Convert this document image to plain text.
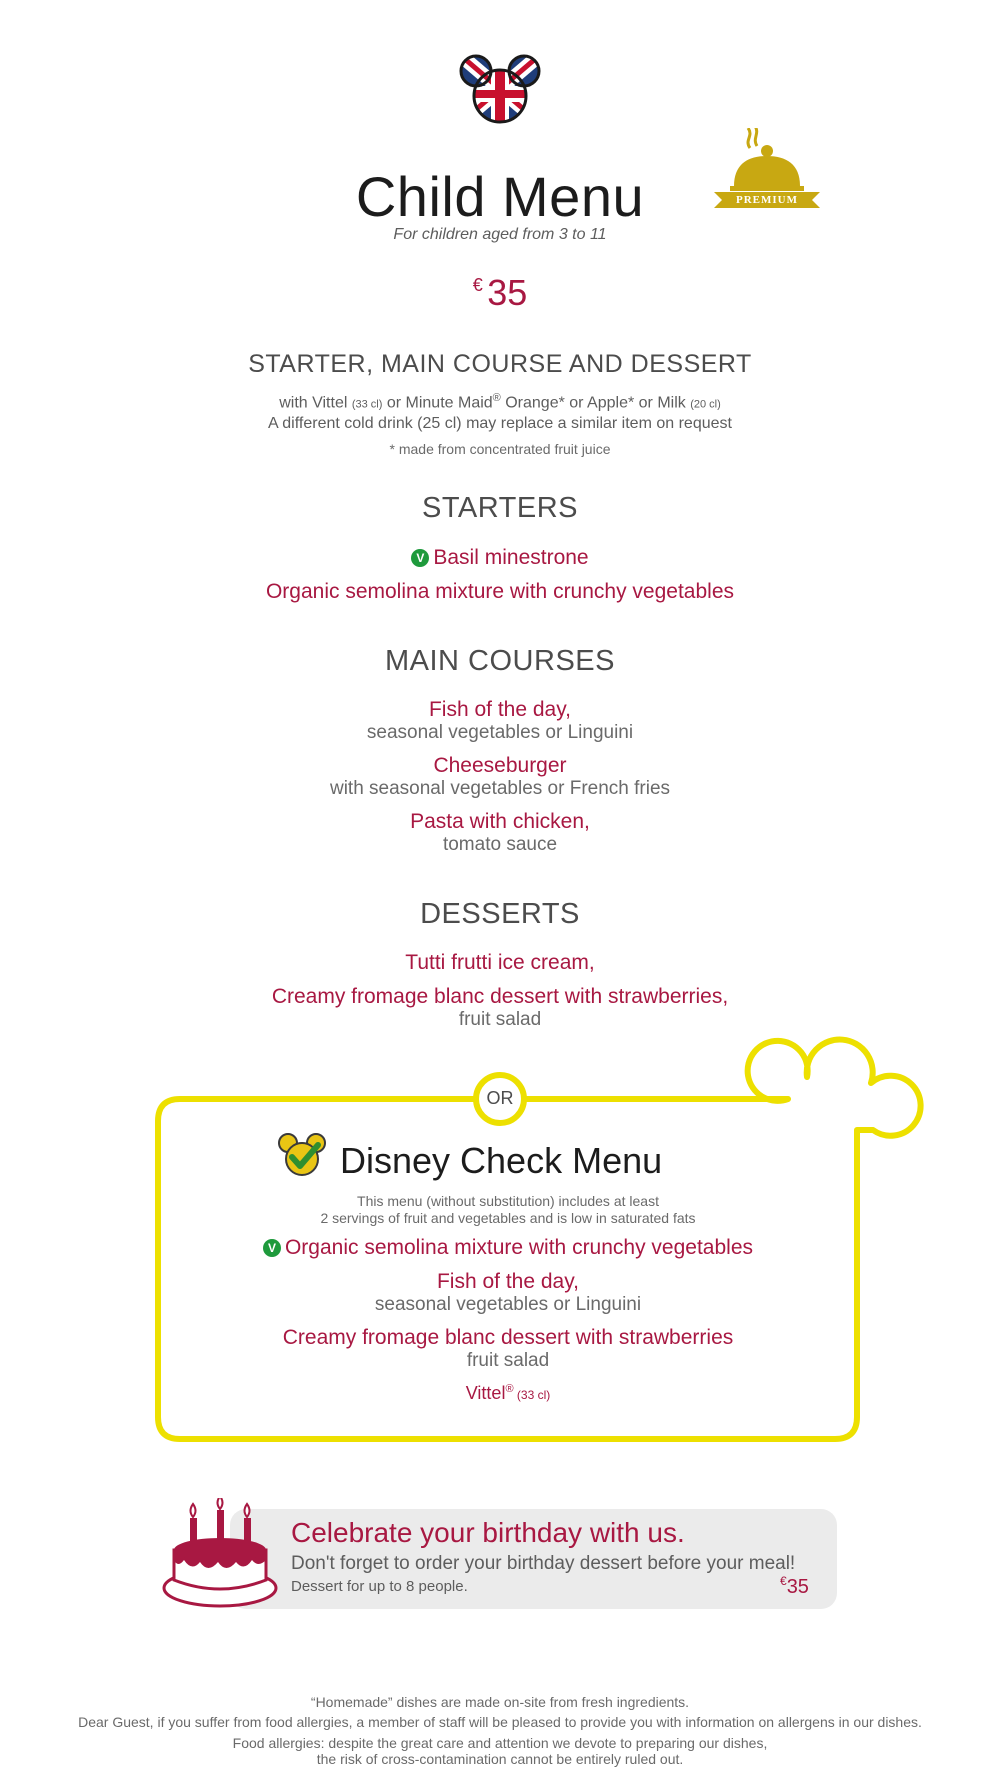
Child Menu
For children aged from 3 to 11
PREMIUM
€ 35
STARTER, MAIN COURSE AND DESSERT
with Vittel (33 cl) or Minute Maid® Orange* or Apple* or Milk (20 cl)
A different cold drink (25 cl) may replace a similar item on request
* made from concentrated fruit juice
STARTERS
V Basil minestrone
Organic semolina mixture with crunchy vegetables
MAIN COURSES
Fish of the day,
seasonal vegetables or Linguini
Cheeseburger
with seasonal vegetables or French fries
Pasta with chicken,
tomato sauce
DESSERTS
Tutti frutti ice cream,
Creamy fromage blanc dessert with strawberries,
fruit salad
OR
Disney Check Menu
This menu (without substitution) includes at least
2 servings of fruit and vegetables and is low in saturated fats
V Organic semolina mixture with crunchy vegetables
Fish of the day,
seasonal vegetables or Linguini
Creamy fromage blanc dessert with strawberries
fruit salad
Vittel® (33 cl)
Celebrate your birthday with us.
Don't forget to order your birthday dessert before your meal!
Dessert for up to 8 people.	€35
“Homemade” dishes are made on-site from fresh ingredients.
Dear Guest, if you suffer from food allergies, a member of staff will be pleased to provide you with information on allergens in our dishes.
Food allergies: despite the great care and attention we devote to preparing our dishes,
the risk of cross-contamination cannot be entirely ruled out.
